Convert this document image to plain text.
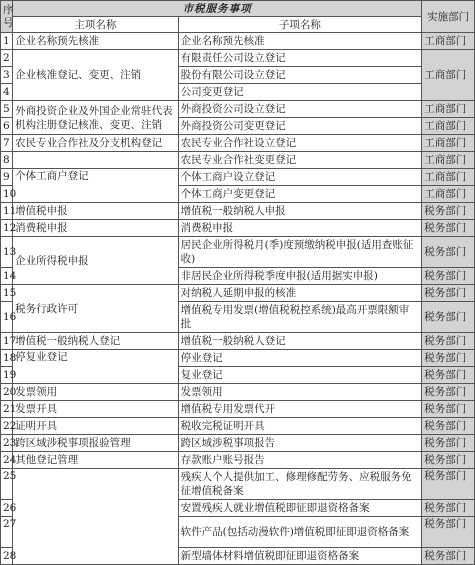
序号	市税服务事项		实施部门
	主项名称	子项名称	
1	企业名称预先核准	企业名称预先核准	工商部门
2	企业核准登记、变更、注销	有限责任公司设立登记	工商部门
3		股份有限公司设立登记	
4		公司变更登记	
5	外商投资企业及外国企业常驻代表机构注册登记核准、变更、注销	外商投资公司设立登记	工商部门
6		外商投资公司变更登记	工商部门
7	农民专业合作社及分支机构登记	农民专业合作社设立登记	工商部门
8		农民专业合作社变更登记	工商部门
9	个体工商户登记	个体工商户设立登记	工商部门
10		个体工商户变更登记	工商部门
11	增值税申报	增值税一般纳税人申报	税务部门
12	消费税申报	消费税申报	税务部门
13	企业所得税申报	居民企业所得税月(季)度预缴纳税申报(适用查账征收)	税务部门
14		非居民企业所得税季度申报(适用据实申报)	税务部门
15	税务行政许可	对纳税人延期申报的核准	税务部门
16		增值税专用发票(增值税税控系统)最高开票限额审批	税务部门
17	增值税一般纳税人登记	增值税一般纳税人登记	税务部门
18	停复业登记	停业登记	税务部门
19		复业登记	税务部门
20	发票领用	发票领用	税务部门
21	发票开具	增值税专用发票代开	税务部门
22	证明开具	税收完税证明开具	税务部门
23	跨区域涉税事项报验管理	跨区域涉税事项报告	税务部门
24	其他登记管理	存款账户账号报告	税务部门
25		残疾人个人提供加工、修理修配劳务、应税服务免征增值税备案	税务部门
26		安置残疾人就业增值税即征即退资格备案	税务部门
27		软件产品(包括动漫软件)增值税即征即退资格备案	税务部门
28		新型墙体材料增值税即征即退资格备案	税务部门
